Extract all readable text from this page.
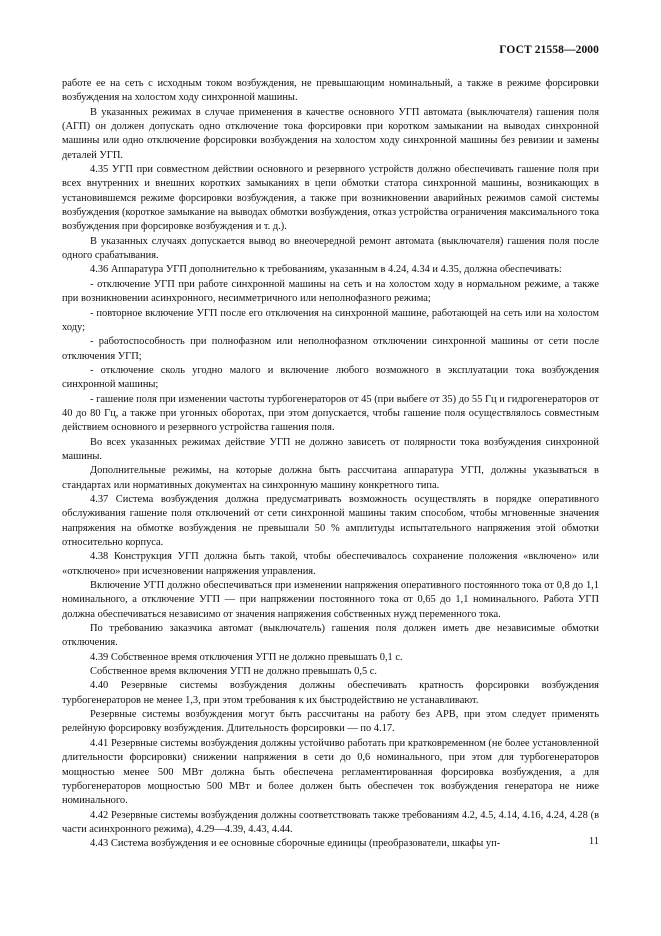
ГОСТ 21558—2000

работе ее на сеть с исходным током возбуждения, не превышающим номинальный, а также в режиме форсировки возбуждения на холостом ходу синхронной машины.

В указанных режимах в случае применения в качестве основного УГП автомата (выключателя) гашения поля (АГП) он должен допускать одно отключение тока форсировки при коротком замыкании на выводах синхронной машины или одно отключение форсировки возбуждения на холостом ходу синхронной машины без ревизии и замены деталей УГП.

4.35 УГП при совместном действии основного и резервного устройств должно обеспечивать гашение поля при всех внутренних и внешних коротких замыканиях в цепи обмотки статора синхронной машины, возникающих в установившемся режиме форсировки возбуждения, а также при возникновении аварийных режимов самой системы возбуждения (короткое замыкание на выводах обмотки возбуждения, отказ устройства ограничения максимального тока возбуждения при форсировке возбуждения и т. д.).

В указанных случаях допускается вывод во внеочередной ремонт автомата (выключателя) гашения поля после одного срабатывания.

4.36 Аппаратура УГП дополнительно к требованиям, указанным в 4.24, 4.34 и 4.35, должна обеспечивать:

- отключение УГП при работе синхронной машины на сеть и на холостом ходу в нормальном режиме, а также при возникновении асинхронного, несимметричного или неполнофазного режима;

- повторное включение УГП после его отключения на синхронной машине, работающей на сеть или на холостом ходу;

- работоспособность при полнофазном или неполнофазном отключении синхронной машины от сети после отключения УГП;

- отключение сколь угодно малого и включение любого возможного в эксплуатации тока возбуждения синхронной машины;

- гашение поля при изменении частоты турбогенераторов от 45 (при выбеге от 35) до 55 Гц и гидрогенераторов от 40 до 80 Гц, а также при угонных оборотах, при этом допускается, чтобы гашение поля осуществлялось совместным действием основного и резервного устройства гашения поля.

Во всех указанных режимах действие УГП не должно зависеть от полярности тока возбуждения синхронной машины.

Дополнительные режимы, на которые должна быть рассчитана аппаратура УГП, должны указываться в стандартах или нормативных документах на синхронную машину конкретного типа.

4.37 Система возбуждения должна предусматривать возможность осуществлять в порядке оперативного обслуживания гашение поля отключений от сети синхронной машины таким способом, чтобы мгновенные значения напряжения на обмотке возбуждения не превышали 50 % амплитуды испытательного напряжения этой обмотки относительно корпуса.

4.38 Конструкция УГП должна быть такой, чтобы обеспечивалось сохранение положения «включено» или «отключено» при исчезновении напряжения управления.

Включение УГП должно обеспечиваться при изменении напряжения оперативного постоянного тока от 0,8 до 1,1 номинального, а отключение УГП — при напряжении постоянного тока от 0,65 до 1,1 номинального. Работа УГП должна обеспечиваться независимо от значения напряжения собственных нужд переменного тока.

По требованию заказчика автомат (выключатель) гашения поля должен иметь две независимые обмотки отключения.

4.39 Собственное время отключения УГП не должно превышать 0,1 с.

Собственное время включения УГП не должно превышать 0,5 с.

4.40 Резервные системы возбуждения должны обеспечивать кратность форсировки возбуждения турбогенераторов не менее 1,3, при этом требования к их быстродействию не устанавливают.

Резервные системы возбуждения могут быть рассчитаны на работу без АРВ, при этом следует применять релейную форсировку возбуждения. Длительность форсировки — по 4.17.

4.41 Резервные системы возбуждения должны устойчиво работать при кратковременном (не более установленной длительности форсировки) снижении напряжения в сети до 0,6 номинального, при этом для турбогенераторов мощностью менее 500 МВт должна быть обеспечена регламентированная форсировка возбуждения, а для турбогенераторов мощностью 500 МВт и более должен быть обеспечен ток возбуждения генератора не ниже номинального.

4.42 Резервные системы возбуждения должны соответствовать также требованиям 4.2, 4.5, 4.14, 4.16, 4.24, 4.28 (в части асинхронного режима), 4.29—4.39, 4.43, 4.44.

4.43 Система возбуждения и ее основные сборочные единицы (преобразователи, шкафы уп-	11
